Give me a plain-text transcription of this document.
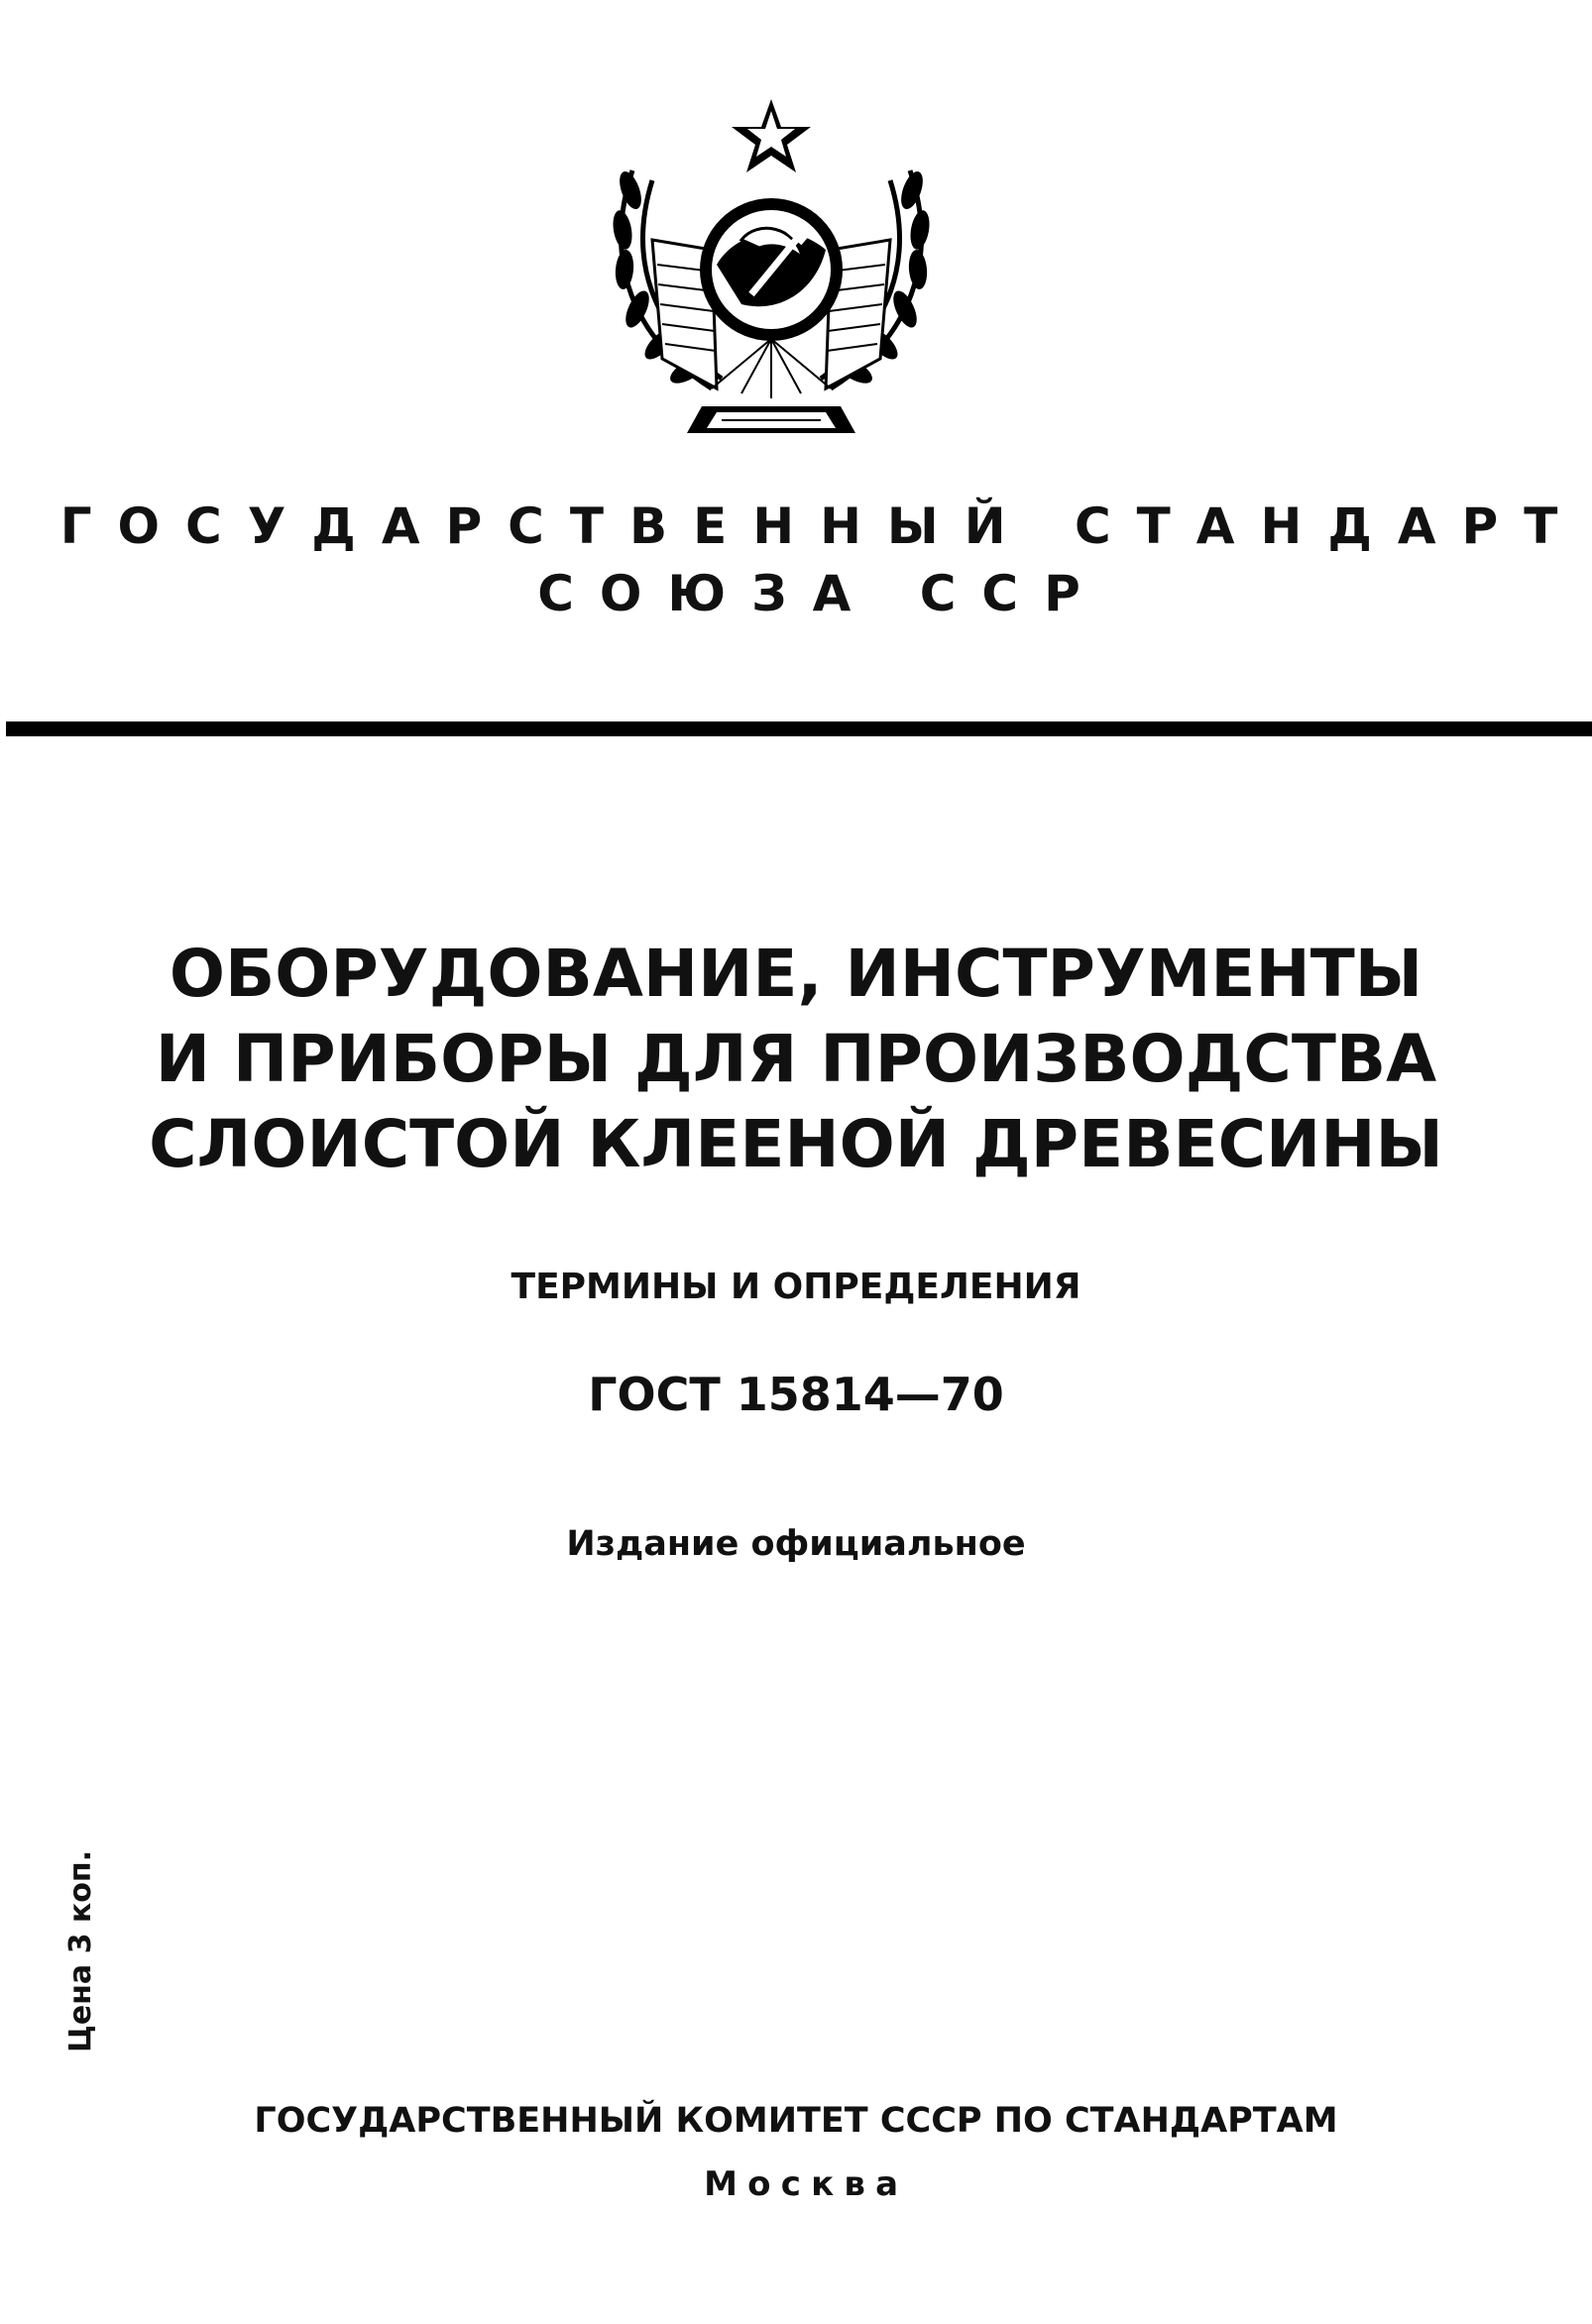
ГОСУДАРСТВЕННЫЙ СТАНДАРТ
СОЮЗА ССР
ОБОРУДОВАНИЕ, ИНСТРУМЕНТЫ
И ПРИБОРЫ ДЛЯ ПРОИЗВОДСТВА
СЛОИСТОЙ КЛЕЕНОЙ ДРЕВЕСИНЫ
ТЕРМИНЫ И ОПРЕДЕЛЕНИЯ
ГОСТ 15814—70
Издание официальное
Цена 3 коп.
ГОСУДАРСТВЕННЫЙ КОМИТЕТ СССР ПО СТАНДАРТАМ
Москва
